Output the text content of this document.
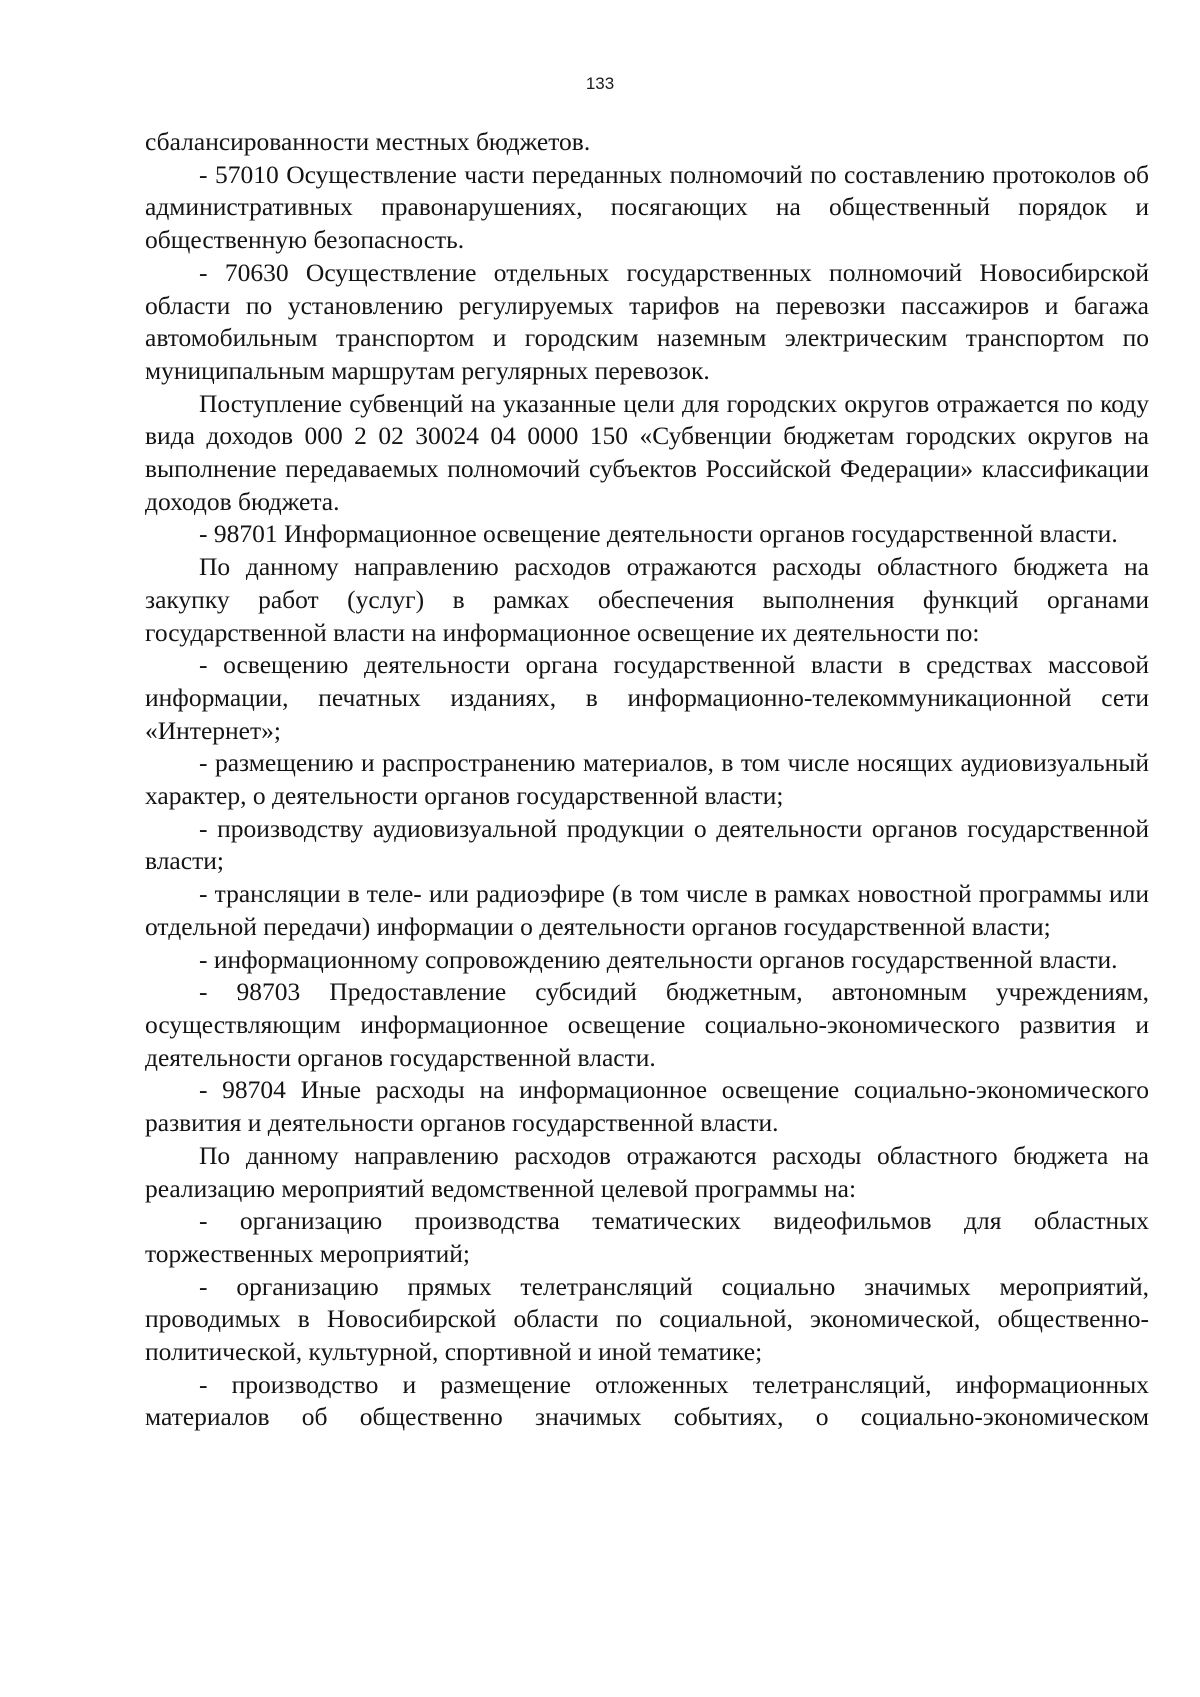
133

сбалансированности местных бюджетов.

- 57010 Осуществление части переданных полномочий по составлению протоколов об административных правонарушениях, посягающих на общественный порядок и общественную безопасность.

- 70630 Осуществление отдельных государственных полномочий Новосибирской области по установлению регулируемых тарифов на перевозки пассажиров и багажа автомобильным транспортом и городским наземным электрическим транспортом по муниципальным маршрутам регулярных перевозок.

Поступление субвенций на указанные цели для городских округов отражается по коду вида доходов 000 2 02 30024 04 0000 150 «Субвенции бюджетам городских округов на выполнение передаваемых полномочий субъектов Российской Федерации» классификации доходов бюджета.

- 98701 Информационное освещение деятельности органов государственной власти.

По данному направлению расходов отражаются расходы областного бюджета на закупку работ (услуг) в рамках обеспечения выполнения функций органами государственной власти на информационное освещение их деятельности по:

- освещению деятельности органа государственной власти в средствах массовой информации, печатных изданиях, в информационно-телекоммуникационной сети «Интернет»;

- размещению и распространению материалов, в том числе носящих аудиовизуальный характер, о деятельности органов государственной власти;

- производству аудиовизуальной продукции о деятельности органов государственной власти;

- трансляции в теле- или радиоэфире (в том числе в рамках новостной программы или отдельной передачи) информации о деятельности органов государственной власти;

- информационному сопровождению деятельности органов государственной власти.

- 98703 Предоставление субсидий бюджетным, автономным учреждениям, осуществляющим информационное освещение социально-экономического развития и деятельности органов государственной власти.

- 98704 Иные расходы на информационное освещение социально-экономического развития и деятельности органов государственной власти.

По данному направлению расходов отражаются расходы областного бюджета на реализацию мероприятий ведомственной целевой программы на:

- организацию производства тематических видеофильмов для областных торжественных мероприятий;

- организацию прямых телетрансляций социально значимых мероприятий, проводимых в Новосибирской области по социальной, экономической, общественно-политической, культурной, спортивной и иной тематике;

- производство и размещение отложенных телетрансляций, информационных материалов об общественно значимых событиях, о социально-экономическом
